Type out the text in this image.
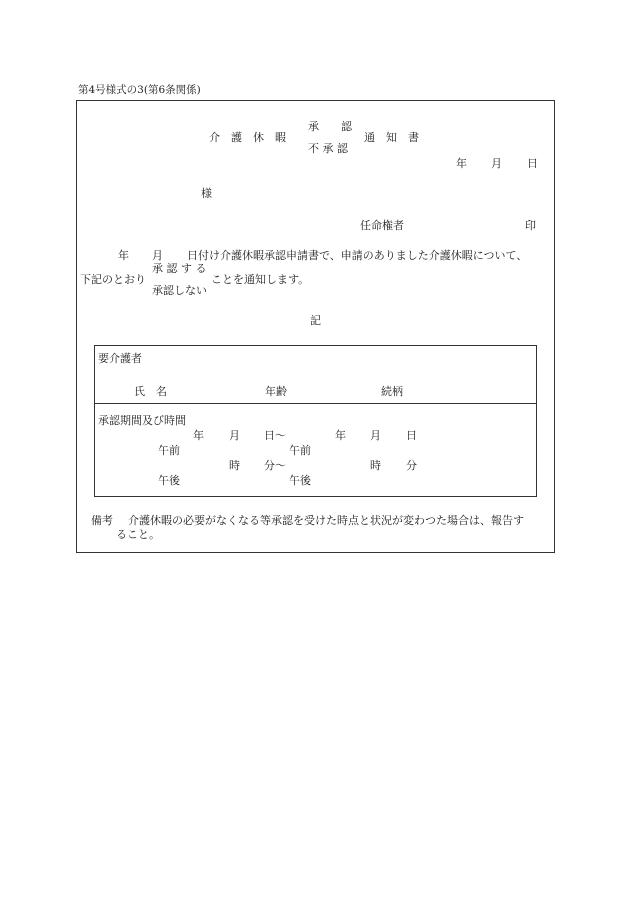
第4号様式の3(第6条関係)
介　護　休　暇
承　　認
不 承 認
通　知　書
年 月 日
様
任命権者	印
年 月 日付け介護休暇承認申請書で、申請のありました介護休暇について、
承 認 す る
下記のとおり	ことを通知します。
承認しない
記
要介護者
氏　名	年齢	続柄
承認期間及び時間
年 月 日～	年 月 日
午前	午前
時 分～	時 分
午後	午後
備考 介護休暇の必要がなくなる等承認を受けた時点と状況が変わつた場合は、報告す
ること。
